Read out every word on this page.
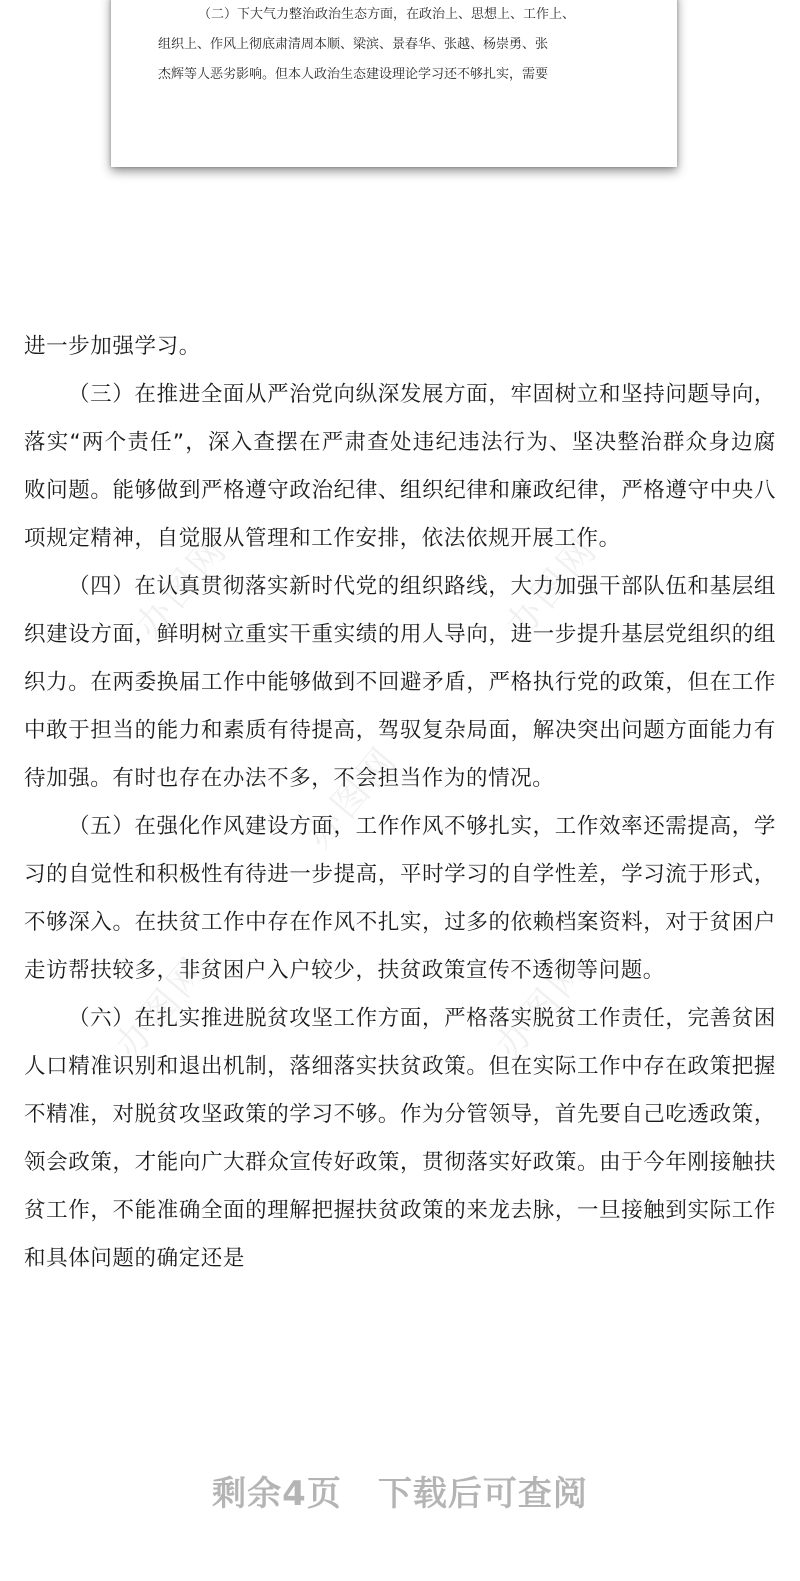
（二）下大气力整治政治生态方面，在政治上、思想上、工作上、
组织上、作风上彻底肃清周本顺、梁滨、景春华、张越、杨崇勇、张
杰辉等人恶劣影响。但本人政治生态建设理论学习还不够扎实，需要

办图网	办图网
办图网
办图网	办图网

进一步加强学习。

（三）在推进全面从严治党向纵深发展方面，牢固树立和坚持问题导向，落实“两个责任”，深入查摆在严肃查处违纪违法行为、坚决整治群众身边腐败问题。能够做到严格遵守政治纪律、组织纪律和廉政纪律，严格遵守中央八项规定精神，自觉服从管理和工作安排，依法依规开展工作。

（四）在认真贯彻落实新时代党的组织路线，大力加强干部队伍和基层组织建设方面，鲜明树立重实干重实绩的用人导向，进一步提升基层党组织的组织力。在两委换届工作中能够做到不回避矛盾，严格执行党的政策，但在工作中敢于担当的能力和素质有待提高，驾驭复杂局面，解决突出问题方面能力有待加强。有时也存在办法不多，不会担当作为的情况。

（五）在强化作风建设方面，工作作风不够扎实，工作效率还需提高，学习的自觉性和积极性有待进一步提高，平时学习的自学性差，学习流于形式，不够深入。在扶贫工作中存在作风不扎实，过多的依赖档案资料，对于贫困户走访帮扶较多，非贫困户入户较少，扶贫政策宣传不透彻等问题。

（六）在扎实推进脱贫攻坚工作方面，严格落实脱贫工作责任，完善贫困人口精准识别和退出机制，落细落实扶贫政策。但在实际工作中存在政策把握不精准，对脱贫攻坚政策的学习不够。作为分管领导，首先要自己吃透政策，领会政策，才能向广大群众宣传好政策，贯彻落实好政策。由于今年刚接触扶贫工作，不能准确全面的理解把握扶贫政策的来龙去脉，一旦接触到实际工作和具体问题的确定还是

剩余4页 下载后可查阅
